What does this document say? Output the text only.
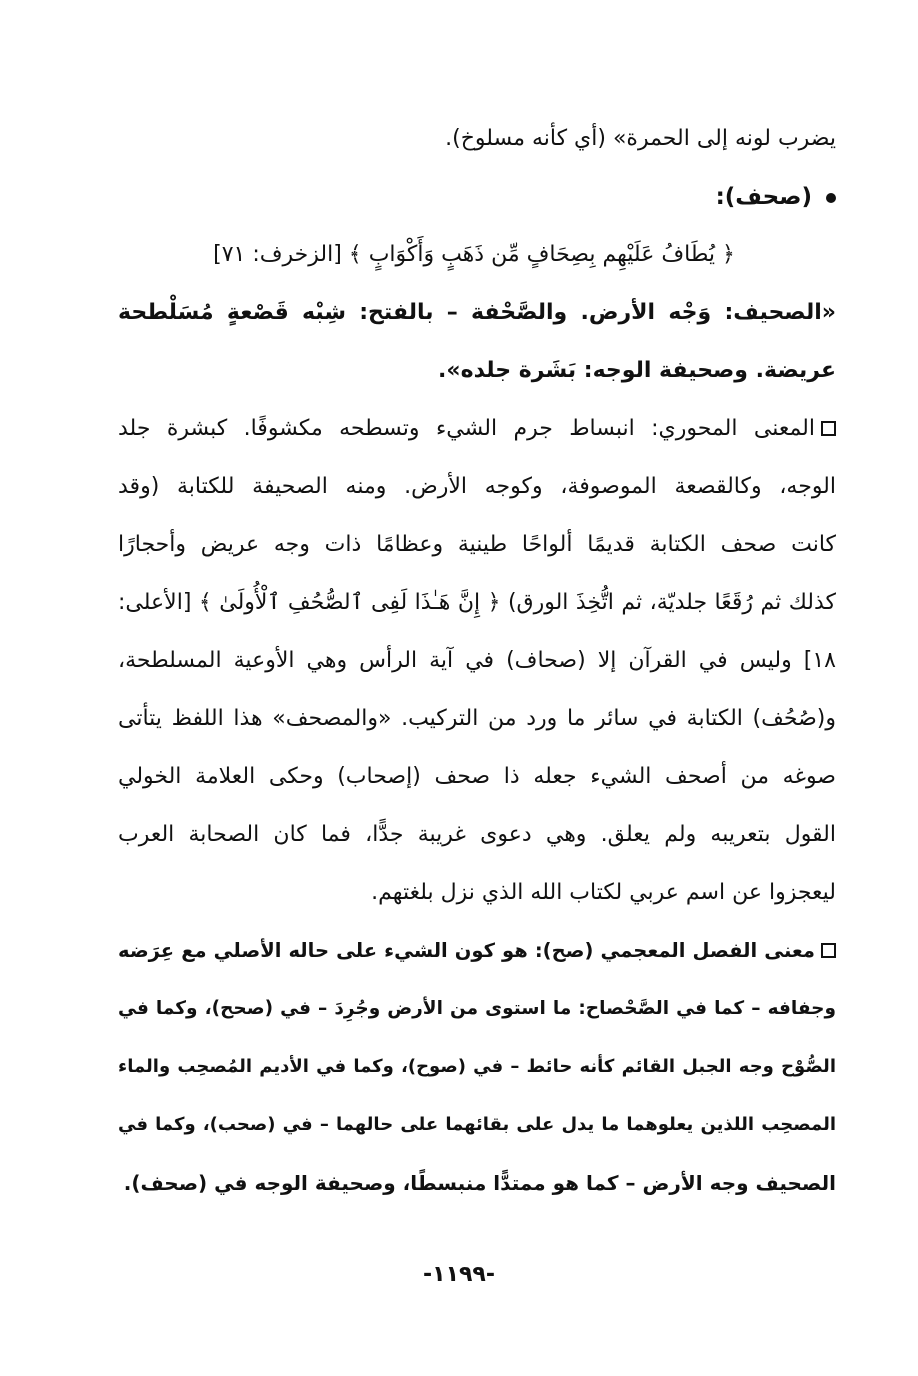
يضرب لونه إلى الحمرة» (أي كأنه مسلوخ).
(صحف):
﴿ يُطَافُ عَلَيْهِم بِصِحَافٍ مِّن ذَهَبٍ وَأَكْوَابٍ ﴾ [الزخرف: ٧١]
«الصحيف: وَجْه الأرض. والصَّحْفة – بالفتح: شِبْه قَصْعةٍ مُسَلْطحة
عريضة. وصحيفة الوجه: بَشَرة جلده».
المعنى المحوري: انبساط جرم الشيء وتسطحه مكشوفًا. كبشرة جلد
الوجه، وكالقصعة الموصوفة، وكوجه الأرض. ومنه الصحيفة للكتابة (وقد
كانت صحف الكتابة قديمًا ألواحًا طينية وعظامًا ذات وجه عريض وأحجارًا
كذلك ثم رُقَعًا جلديّة، ثم اتُّخِذَ الورق) ﴿ إِنَّ هَـٰذَا لَفِى ٱلصُّحُفِ ٱلْأُولَىٰ ﴾ [الأعلى:
١٨] وليس في القرآن إلا (صحاف) في آية الرأس وهي الأوعية المسلطحة،
و(صُحُف) الكتابة في سائر ما ورد من التركيب. «والمصحف» هذا اللفظ يتأتى
صوغه من أصحف الشيء جعله ذا صحف (إصحاب) وحكى العلامة الخولي
القول بتعريبه ولم يعلق. وهي دعوى غريبة جدًّا، فما كان الصحابة العرب
ليعجزوا عن اسم عربي لكتاب الله الذي نزل بلغتهم.
معنى الفصل المعجمي (صح): هو كون الشيء على حاله الأصلي مع عِرَضه
وجفافه – كما في الصَّحْصاح: ما استوى من الأرض وجُرِدَ – في (صحح)، وكما في
الصُّوْح وجه الجبل القائم كأنه حائط – في (صوح)، وكما في الأديم المُصحِب والماء
المصحِب اللذين يعلوهما ما يدل على بقائهما على حالهما – في (صحب)، وكما في
الصحيف وجه الأرض – كما هو ممتدًّا منبسطًا، وصحيفة الوجه في (صحف).
-١١٩٩-
